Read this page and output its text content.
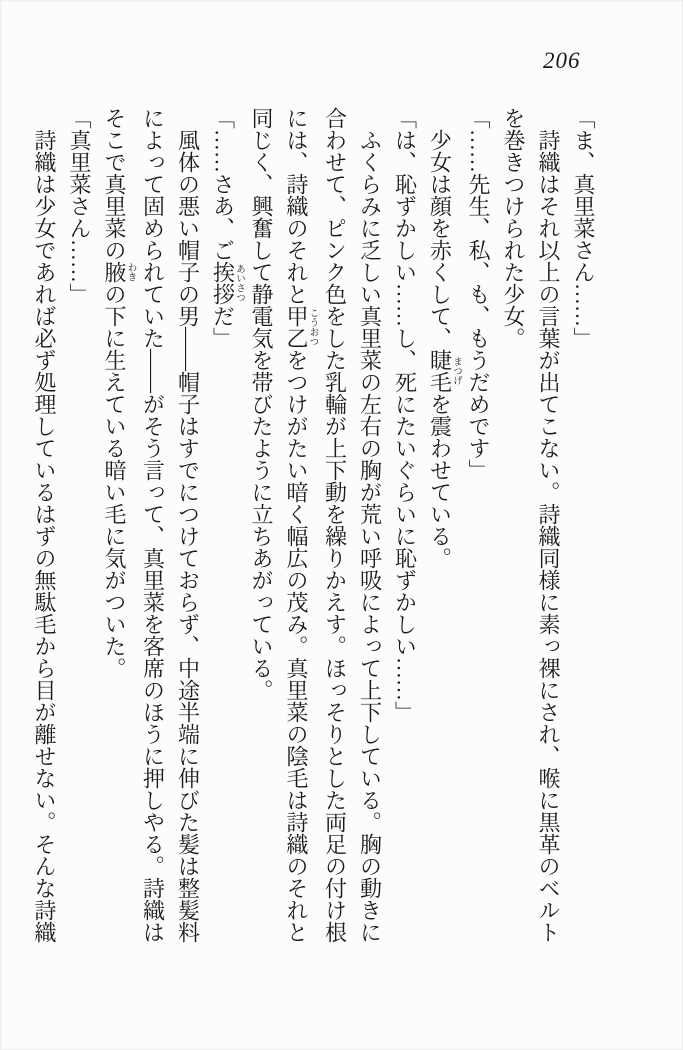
206
「ま、真里菜さん……」
詩織はそれ以上の言葉が出てこない。詩織同様に素っ裸にされ、喉に黒革のベルト
を巻きつけられた少女。
「……先生、私、も、もうだめです」
少女は顔を赤くして、睫毛まつげを震わせている。
「は、恥ずかしい……し、死にたいぐらいに恥ずかしい……」
ふくらみに乏しい真里菜の左右の胸が荒い呼吸によって上下している。胸の動きに
合わせて、ピンク色をした乳輪が上下動を繰りかえす。ほっそりとした両足の付け根
には、詩織のそれと甲乙こうおつをつけがたい暗く幅広の茂み。真里菜の陰毛は詩織のそれと
同じく、興奮して静電気を帯びたように立ちあがっている。
「……さあ、ご挨拶あいさつだ」
風体の悪い帽子の男――帽子はすでにつけておらず、中途半端に伸びた髪は整髪料
によって固められていた――がそう言って、真里菜を客席のほうに押しやる。詩織は
そこで真里菜の腋わきの下に生えている暗い毛に気がついた。
「真里菜さん……」
詩織は少女であれば必ず処理しているはずの無駄毛から目が離せない。そんな詩織
